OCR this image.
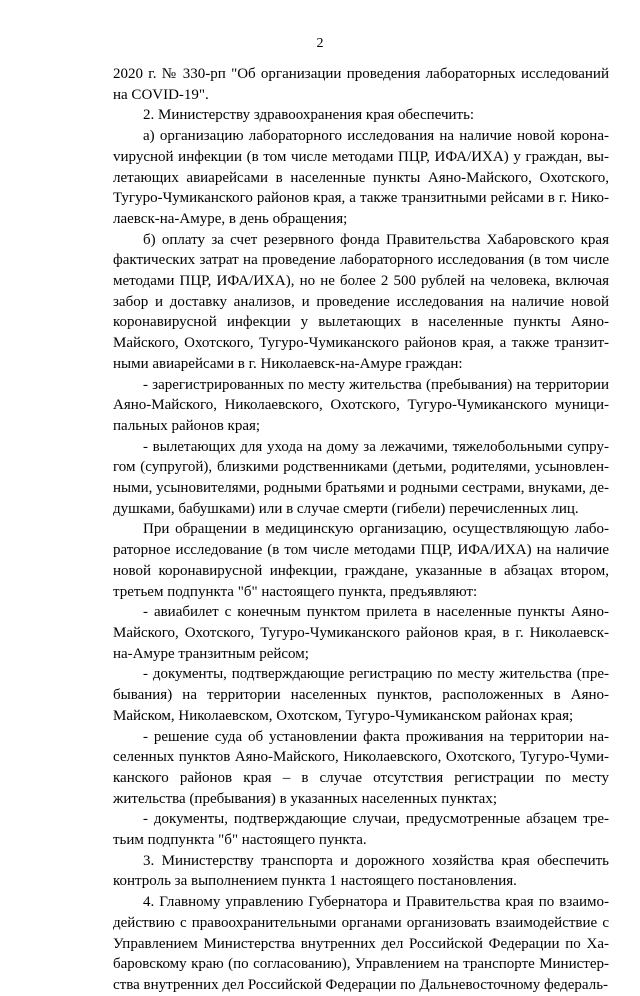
2

2020 г. № 330-рп "Об организации проведения лабораторных исследований на COVID-19".

2. Министерству здравоохранения края обеспечить:

а) организацию лабораторного исследования на наличие новой коронаvирусной инфекции (в том числе методами ПЦР, ИФА/ИХА) у граждан, вылетающих авиарейсами в населенные пункты Аяно-Майского, Охотского, Тугуро-Чумиканского районов края, а также транзитными рейсами в г. Николаевск-на-Амуре, в день обращения;

б) оплату за счет резервного фонда Правительства Хабаровского края фактических затрат на проведение лабораторного исследования (в том числе методами ПЦР, ИФА/ИХА), но не более 2 500 рублей на человека, включая забор и доставку анализов, и проведение исследования на наличие новой коронавирусной инфекции у вылетающих в населенные пункты Аяно-Майского, Охотского, Тугуро-Чумиканского районов края, а также транзитными авиарейсами в г. Николаевск-на-Амуре граждан:

- зарегистрированных по месту жительства (пребывания) на территории Аяно-Майского, Николаевского, Охотского, Тугуро-Чумиканского муниципальных районов края;

- вылетающих для ухода на дому за лежачими, тяжелобольными супругом (супругой), близкими родственниками (детьми, родителями, усыновленными, усыновителями, родными братьями и родными сестрами, внуками, дедушками, бабушками) или в случае смерти (гибели) перечисленных лиц.

При обращении в медицинскую организацию, осуществляющую лабораторное исследование (в том числе методами ПЦР, ИФА/ИХА) на наличие новой коронавирусной инфекции, граждане, указанные в абзацах втором, третьем подпункта "б" настоящего пункта, предъявляют:

- авиабилет с конечным пунктом прилета в населенные пункты Аяно-Майского, Охотского, Тугуро-Чумиканского районов края, в г. Николаевск-на-Амуре транзитным рейсом;

- документы, подтверждающие регистрацию по месту жительства (пребывания) на территории населенных пунктов, расположенных в Аяно-Майском, Николаевском, Охотском, Тугуро-Чумиканском районах края;

- решение суда об установлении факта проживания на территории населенных пунктов Аяно-Майского, Николаевского, Охотского, Тугуро-Чумиканского районов края – в случае отсутствия регистрации по месту жительства (пребывания) в указанных населенных пунктах;

- документы, подтверждающие случаи, предусмотренные абзацем третьим подпункта "б" настоящего пункта.

3. Министерству транспорта и дорожного хозяйства края обеспечить контроль за выполнением пункта 1 настоящего постановления.

4. Главному управлению Губернатора и Правительства края по взаимодействию с правоохранительными органами организовать взаимодействие с Управлением Министерства внутренних дел Российской Федерации по Хабаровскому краю (по согласованию), Управлением на транспорте Министерства внутренних дел Российской Федерации по Дальневосточному федераль-
